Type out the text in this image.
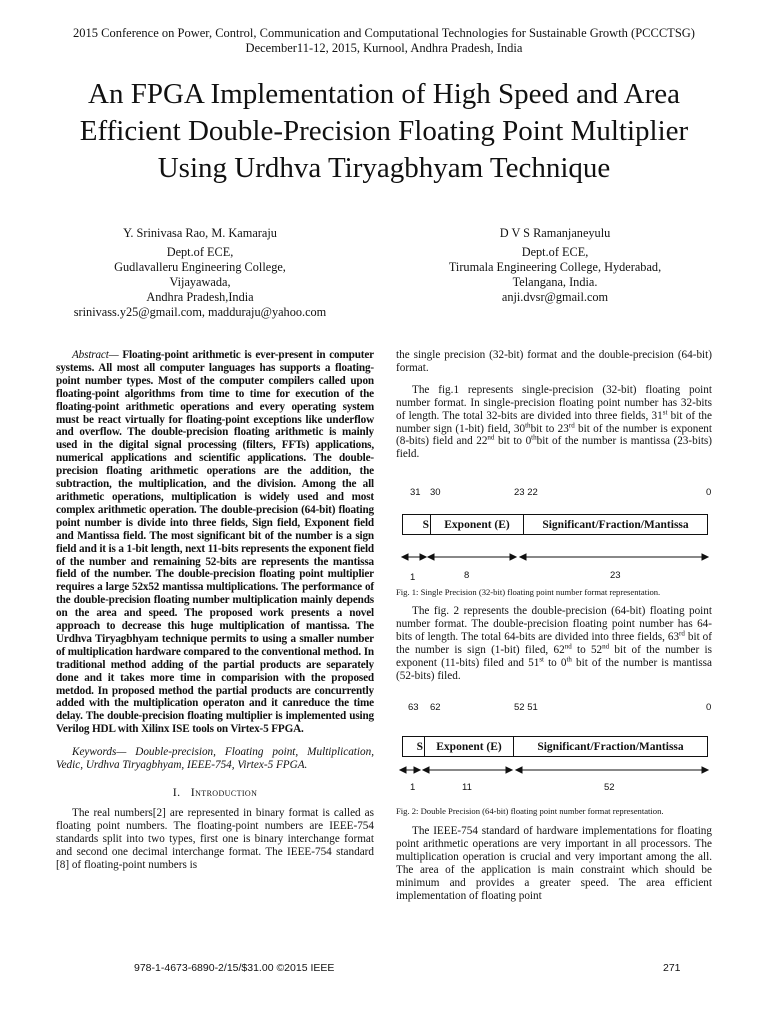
2015 Conference on Power, Control, Communication and Computational Technologies for Sustainable Growth (PCCCTSG)
December11-12, 2015, Kurnool, Andhra Pradesh, India
An FPGA Implementation of High Speed and Area
Efficient Double-Precision Floating Point Multiplier
Using Urdhva Tiryagbhyam Technique
Y. Srinivasa Rao, M. Kamaraju
Dept.of ECE,
Gudlavalleru Engineering College,
Vijayawada,
Andhra Pradesh,India
srinivass.y25@gmail.com, madduraju@yahoo.com
D V S Ramanjaneyulu
Dept.of ECE,
Tirumala Engineering College, Hyderabad,
Telangana, India.
anji.dvsr@gmail.com

Abstract— Floating-point arithmetic is ever-present in computer systems. All most all computer languages has supports a floating-point number types. Most of the computer compilers called upon floating-point algorithms from time to time for execution of the floating-point arithmetic operations and every operating system must be react virtually for floating-point exceptions like underflow and overflow. The double-precision floating arithmetic is mainly used in the digital signal processing (filters, FFTs) applications, numerical applications and scientific applications. The double-precision floating arithmetic operations are the addition, the subtraction, the multiplication, and the division. Among the all arithmetic operations, multiplication is widely used and most complex arithmetic operation. The double-precision (64-bit) floating point number is divide into three fields, Sign field, Exponent field and Mantissa field. The most significant bit of the number is a sign field and it is a 1-bit length, next 11-bits represents the exponent field of the number and remaining 52-bits are represents the mantissa field of the number. The double-precision floating point multiplier requires a large 52x52 mantissa multiplications. The performance of the double-precision floating number multiplication mainly depends on the area and speed. The proposed work presents a novel approach to decrease this huge multiplication of mantissa. The Urdhva Tiryagbhyam technique permits to using a smaller number of multiplication hardware compared to the conventional method. In traditional method adding of the partial products are separately done and it takes more time in comparision with the proposed metdod. In proposed method the partial products are concurrently added with the multiplication operaton and it canreduce the time delay. The double-precision floating multiplier is implemented using Verilog HDL with Xilinx ISE tools on Virtex-5 FPGA.

Keywords— Double-precision, Floating point, Multiplication, Vedic, Urdhva Tiryagbhyam, IEEE-754, Virtex-5 FPGA.

I. Introduction

The real numbers[2] are represented in binary format is called as floating point numbers. The floating-point numbers are IEEE-754 standards split into two types, first one is binary interchange format and second one decimal interchange format. The IEEE-754 standard [8] of floating-point numbers is

the single precision (32-bit) format and the double-precision (64-bit) format.

The fig.1 represents single-precision (32-bit) floating point number format. In single-precision floating point number has 32-bits of length. The total 32-bits are divided into three fields, 31st bit of the number sign (1-bit) field, 30thbit to 23rd bit of the number is exponent (8-bits) field and 22nd bit to 0thbit of the number is mantissa (23-bits) field.

31 30	23 22	0
S	Exponent (E)	Significant/Fraction/Mantissa
1	8	23
Fig. 1: Single Precision (32-bit) floating point number format representation.

The fig. 2 represents the double-precision (64-bit) floating point number format. The double-precision floating point number has 64-bits of length. The total 64-bits are divided into three fields, 63rd bit of the number is sign (1-bit) filed, 62nd to 52nd bit of the number is exponent (11-bits) filed and 51st to 0th bit of the number is mantissa (52-bits) filed.

63 62	52 51	0
S	Exponent (E)	Significant/Fraction/Mantissa
1	11	52
Fig. 2: Double Precision (64-bit) floating point number format representation.

The IEEE-754 standard of hardware implementations for floating point arithmetic operations are very important in all processors. The multiplication operation is crucial and very important among the all. The area of the application is main constraint which should be minimum and provides a greater speed. The area efficient implementation of floating point

978-1-4673-6890-2/15/$31.00 ©2015 IEEE	271
